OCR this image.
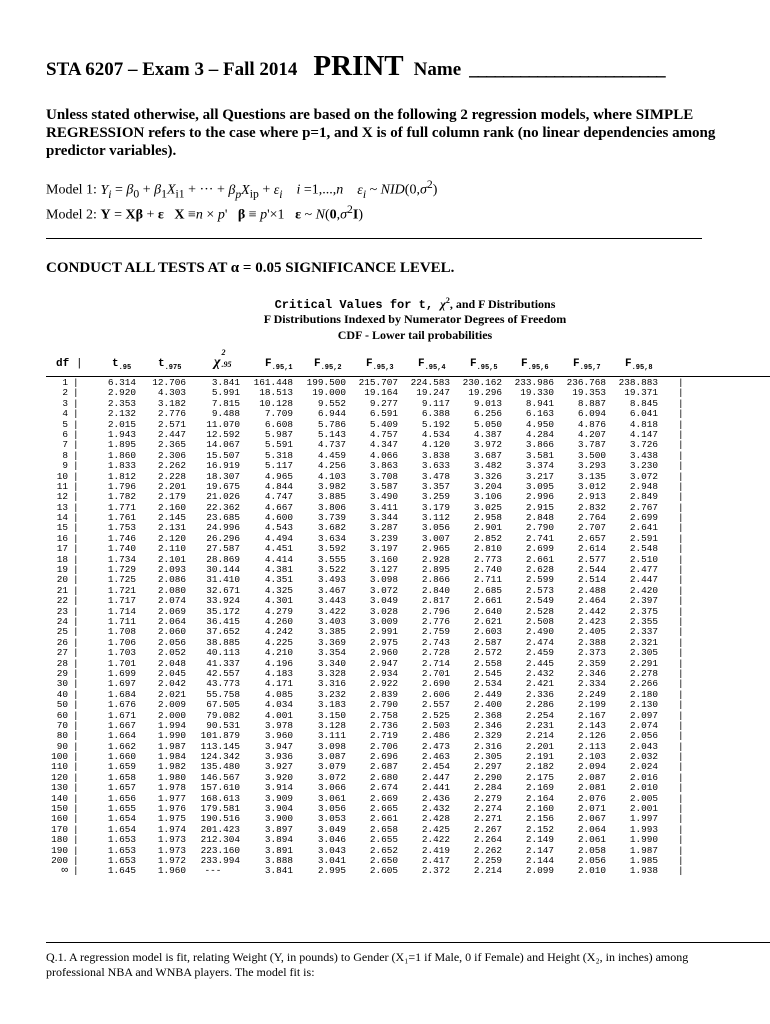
STA 6207 – Exam 3 – Fall 2014 PRINT Name _______________________
Unless stated otherwise, all Questions are based on the following 2 regression models, where SIMPLE REGRESSION refers to the case where p=1, and X is of full column rank (no linear dependencies among predictor variables).
Model 1: $Y_i = \beta_0 + \beta_1X_{i1}$ + ··· + $\beta_pX_{ip} + \varepsilon_i$ i =1,...,n $\varepsilon_i$ ~ $NID(0,\sigma^2)$
Model 2: Y = Xβ + ε X ≡n × p'   β ≡ p'×1   ε ~ $N(0,\sigma^2I)$
CONDUCT ALL TESTS AT α = 0.05 SIGNIFICANCE LEVEL.
Critical Values for t, $\chi^2$, and F Distributions
F Distributions Indexed by Numerator Degrees of Freedom
CDF - Lower tail probabilities
df |	$t_{.95}$ $t_{.975}$ χ
2
.95	$F_{.95,1}$ $F_{.95,2}$ $F_{.95,3}$ $F_{.95,4}$ $F_{.95,5}$ $F_{.95,6}$ $F_{.95,7}$ $F_{.95,8}$
1 |	6.314	12.706	3.841	161.448	199.500	215.707	224.583	230.162	233.986	236.768	238.883 |
2 |	2.920	4.303	5.991	18.513	19.000	19.164	19.247	19.296	19.330	19.353	19.371 |
3 |	2.353	3.182	7.815	10.128	9.552	9.277	9.117	9.013	8.941	8.887	8.845 |
4 |	2.132	2.776	9.488	7.709	6.944	6.591	6.388	6.256	6.163	6.094	6.041 |
5 |	2.015	2.571	11.070	6.608	5.786	5.409	5.192	5.050	4.950	4.876	4.818 |
6 |	1.943	2.447	12.592	5.987	5.143	4.757	4.534	4.387	4.284	4.207	4.147 |
7 |	1.895	2.365	14.067	5.591	4.737	4.347	4.120	3.972	3.866	3.787	3.726 |
8 |	1.860	2.306	15.507	5.318	4.459	4.066	3.838	3.687	3.581	3.500	3.438 |
9 |	1.833	2.262	16.919	5.117	4.256	3.863	3.633	3.482	3.374	3.293	3.230 |
10 |	1.812	2.228	18.307	4.965	4.103	3.708	3.478	3.326	3.217	3.135	3.072 |
11 |	1.796	2.201	19.675	4.844	3.982	3.587	3.357	3.204	3.095	3.012	2.948 |
12 |	1.782	2.179	21.026	4.747	3.885	3.490	3.259	3.106	2.996	2.913	2.849 |
13 |	1.771	2.160	22.362	4.667	3.806	3.411	3.179	3.025	2.915	2.832	2.767 |
14 |	1.761	2.145	23.685	4.600	3.739	3.344	3.112	2.958	2.848	2.764	2.699 |
15 |	1.753	2.131	24.996	4.543	3.682	3.287	3.056	2.901	2.790	2.707	2.641 |
16 |	1.746	2.120	26.296	4.494	3.634	3.239	3.007	2.852	2.741	2.657	2.591 |
17 |	1.740	2.110	27.587	4.451	3.592	3.197	2.965	2.810	2.699	2.614	2.548 |
18 |	1.734	2.101	28.869	4.414	3.555	3.160	2.928	2.773	2.661	2.577	2.510 |
19 |	1.729	2.093	30.144	4.381	3.522	3.127	2.895	2.740	2.628	2.544	2.477 |
20 |	1.725	2.086	31.410	4.351	3.493	3.098	2.866	2.711	2.599	2.514	2.447 |
21 |	1.721	2.080	32.671	4.325	3.467	3.072	2.840	2.685	2.573	2.488	2.420 |
22 |	1.717	2.074	33.924	4.301	3.443	3.049	2.817	2.661	2.549	2.464	2.397 |
23 |	1.714	2.069	35.172	4.279	3.422	3.028	2.796	2.640	2.528	2.442	2.375 |
24 |	1.711	2.064	36.415	4.260	3.403	3.009	2.776	2.621	2.508	2.423	2.355 |
25 |	1.708	2.060	37.652	4.242	3.385	2.991	2.759	2.603	2.490	2.405	2.337 |
26 |	1.706	2.056	38.885	4.225	3.369	2.975	2.743	2.587	2.474	2.388	2.321 |
27 |	1.703	2.052	40.113	4.210	3.354	2.960	2.728	2.572	2.459	2.373	2.305 |
28 |	1.701	2.048	41.337	4.196	3.340	2.947	2.714	2.558	2.445	2.359	2.291 |
29 |	1.699	2.045	42.557	4.183	3.328	2.934	2.701	2.545	2.432	2.346	2.278 |
30 |	1.697	2.042	43.773	4.171	3.316	2.922	2.690	2.534	2.421	2.334	2.266 |
40 |	1.684	2.021	55.758	4.085	3.232	2.839	2.606	2.449	2.336	2.249	2.180 |
50 |	1.676	2.009	67.505	4.034	3.183	2.790	2.557	2.400	2.286	2.199	2.130 |
60 |	1.671	2.000	79.082	4.001	3.150	2.758	2.525	2.368	2.254	2.167	2.097 |
70 |	1.667	1.994	90.531	3.978	3.128	2.736	2.503	2.346	2.231	2.143	2.074 |
80 |	1.664	1.990	101.879	3.960	3.111	2.719	2.486	2.329	2.214	2.126	2.056 |
90 |	1.662	1.987	113.145	3.947	3.098	2.706	2.473	2.316	2.201	2.113	2.043 |
100 |	1.660	1.984	124.342	3.936	3.087	2.696	2.463	2.305	2.191	2.103	2.032 |
110 |	1.659	1.982	135.480	3.927	3.079	2.687	2.454	2.297	2.182	2.094	2.024 |
120 |	1.658	1.980	146.567	3.920	3.072	2.680	2.447	2.290	2.175	2.087	2.016 |
130 |	1.657	1.978	157.610	3.914	3.066	2.674	2.441	2.284	2.169	2.081	2.010 |
140 |	1.656	1.977	168.613	3.909	3.061	2.669	2.436	2.279	2.164	2.076	2.005 |
150 |	1.655	1.976	179.581	3.904	3.056	2.665	2.432	2.274	2.160	2.071	2.001 |
160 |	1.654	1.975	190.516	3.900	3.053	2.661	2.428	2.271	2.156	2.067	1.997 |
170 |	1.654	1.974	201.423	3.897	3.049	2.658	2.425	2.267	2.152	2.064	1.993 |
180 |	1.653	1.973	212.304	3.894	3.046	2.655	2.422	2.264	2.149	2.061	1.990 |
190 |	1.653	1.973	223.160	3.891	3.043	2.652	2.419	2.262	2.147	2.058	1.987 |
200 |	1.653	1.972	233.994	3.888	3.041	2.650	2.417	2.259	2.144	2.056	1.985 |
∞ |	1.645	1.960	---	3.841	2.995	2.605	2.372	2.214	2.099	2.010	1.938 |
Q.1. A regression model is fit, relating Weight (Y, in pounds) to Gender (X₁=1 if Male, 0 if Female) and Height (X₂, in inches) among professional NBA and WNBA players. The model fit is:
